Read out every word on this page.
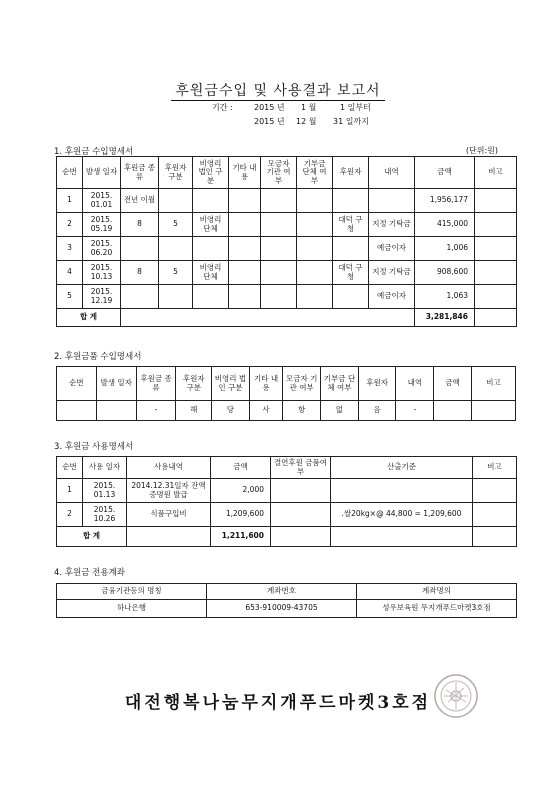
후원금수입 및 사용결과 보고서
기간 :	2015 년 1 월	1 일부터
2015 년 12 월 31 일까지
1. 후원금 수입명세서	(단위:원)
순번	발생 일자	후원금 종류	후원자 구분	비영리 법인 구분	기타 내용	모금자 기관 여부	기부금 단체 여부	후원자	내역	금액	비고
1	2015. 01.01	전년 이월								1,956,177	
2	2015. 05.19	8	5	비영리 단체				대덕 구청	지정 기탁금	415,000	
3	2015. 06.20								예금이자	1,006	
4	2015. 10.13	8	5	비영리 단체				대덕 구청	지정 기탁금	908,600	
5	2015. 12.19								예금이자	1,063	
합 계										3,281,846	
2. 후원금품 수입명세서
순번	발생 일자	후원금 종류	후원자 구분	비영리 법인 구분	기타 내용	모금자 기관 여부	기부금 단체 여부	후원자	내역	금액	비고
		-	해	당	사	항	없	음	-		
3. 후원금 사용명세서
순번	사용 일자	사용내역	금액	결연후원 금품여부	산출기준	비고
1	2015. 01.13	2014.12.31일자 잔액증명원 발급	2,000			
2	2015. 10.26	식품구입비	1,209,600		.쌀20kg×@ 44,800 = 1,209,600	
합 계			1,211,600			
4. 후원금 전용계좌
금융기관등의 명칭	계좌번호	계좌명의
하나은행	653-910009-43705	성우보육원 무지개푸드마켓3호점
대전행복나눔무지개푸드마켓3호점
